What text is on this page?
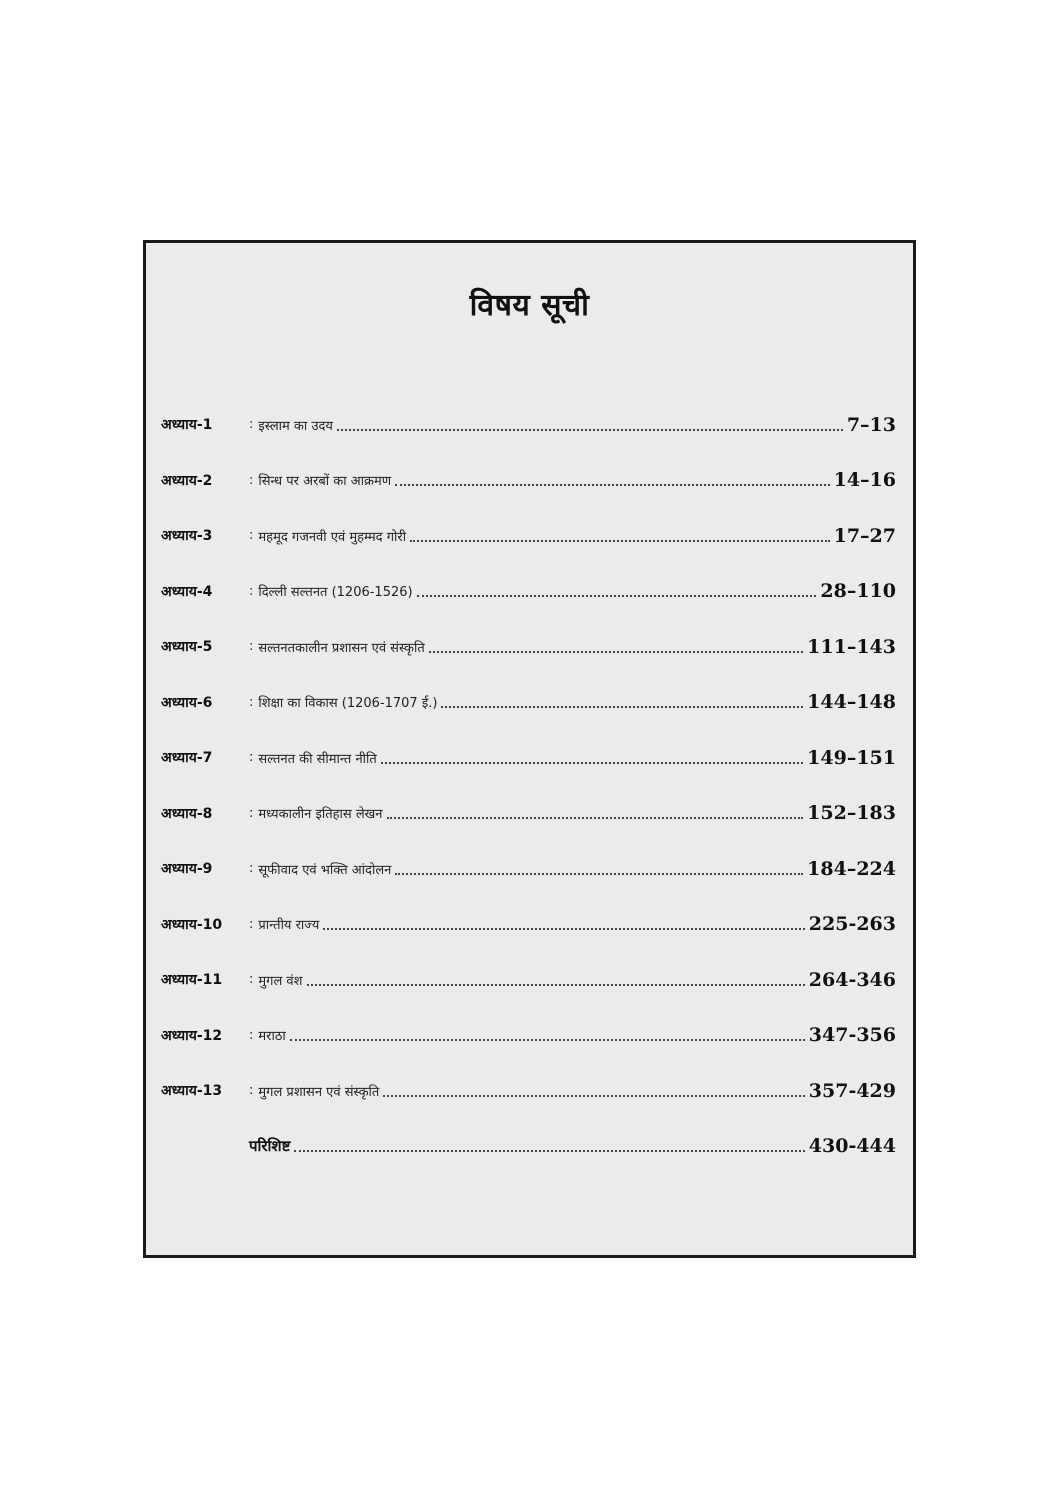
विषय सूची
अध्याय-1	: इस्लाम का उदय	7–13
अध्याय-2	: सिन्ध पर अरबों का आक्रमण	14–16
अध्याय-3	: महमूद गजनवी एवं मुहम्मद गोरी	17–27
अध्याय-4	: दिल्ली सल्तनत (1206-1526)	28–110
अध्याय-5	: सल्तनतकालीन प्रशासन एवं संस्कृति	111–143
अध्याय-6	: शिक्षा का विकास (1206-1707 ई.)	144–148
अध्याय-7	: सल्तनत की सीमान्त नीति	149–151
अध्याय-8	: मध्यकालीन इतिहास लेखन	152–183
अध्याय-9	: सूफीवाद एवं भक्ति आंदोलन	184–224
अध्याय-10	: प्रान्तीय राज्य	225-263
अध्याय-11	: मुगल वंश	264-346
अध्याय-12	: मराठा	347-356
अध्याय-13	: मुगल प्रशासन एवं संस्कृति	357-429
परिशिष्ट	430-444
